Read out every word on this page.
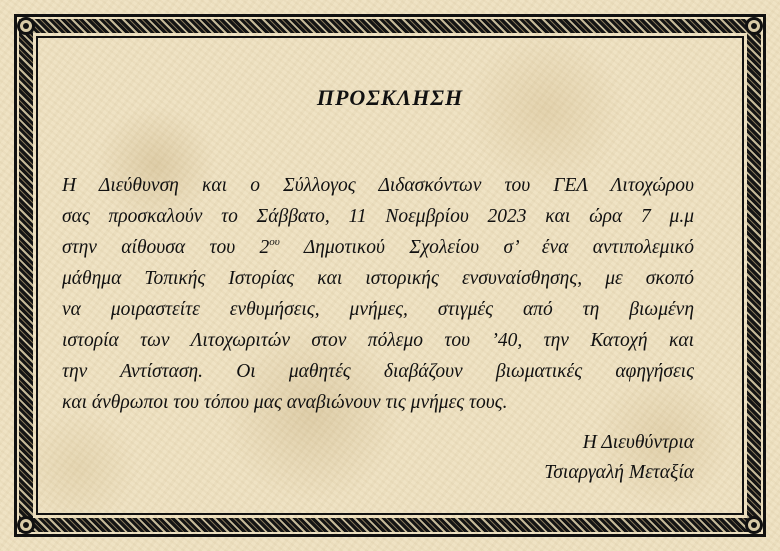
ΠΡΟΣΚΛΗΣΗ
Η Διεύθυνση και ο Σύλλογος Διδασκόντων του ΓΕΛ Λιτοχώρου
σας προσκαλούν το Σάββατο, 11 Νοεμβρίου 2023 και ώρα 7 μ.μ
στην αίθουσα του $2^{o\upsilon}$ Δημοτικού Σχολείου σ’ ένα αντιπολεμικό
μάθημα Τοπικής Ιστορίας και ιστορικής ενσυναίσθησης, με σκοπό
να μοιραστείτε ενθυμήσεις, μνήμες, στιγμές από τη βιωμένη
ιστορία των Λιτοχωριτών στον πόλεμο του ’40, την Κατοχή και
την Αντίσταση. Οι μαθητές διαβάζουν βιωματικές αφηγήσεις
και άνθρωποι του τόπου μας αναβιώνουν τις μνήμες τους.
Η Διευθύντρια
Τσιαργαλή Μεταξία
